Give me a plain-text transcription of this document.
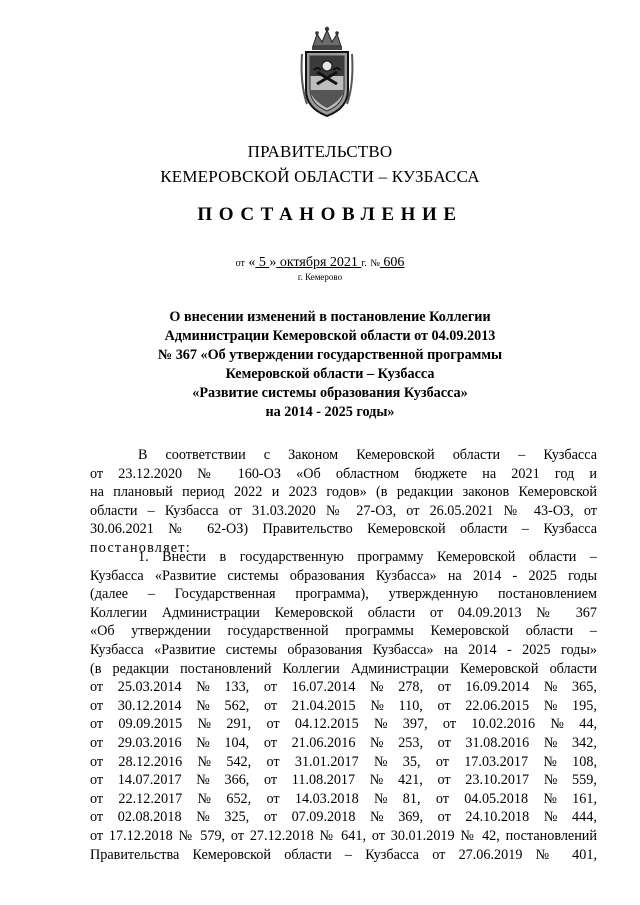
ПРАВИТЕЛЬСТВО
КЕМЕРОВСКОЙ ОБЛАСТИ – КУЗБАССА
ПОСТАНОВЛЕНИЕ
от « 5 » октября 2021 г. № 606
г. Кемерово
О внесении изменений в постановление Коллегии
Администрации Кемеровской области от 04.09.2013
№ 367 «Об утверждении государственной программы
Кемеровской области – Кузбасса
«Развитие системы образования Кузбасса»
на 2014 - 2025 годы»
В соответствии с Законом Кемеровской области – Кузбасса
от 23.12.2020 № 160-ОЗ «Об областном бюджете на 2021 год и
на плановый период 2022 и 2023 годов» (в редакции законов Кемеровской
области – Кузбасса от 31.03.2020 № 27-ОЗ, от 26.05.2021 № 43-ОЗ, от
30.06.2021 № 62-ОЗ) Правительство Кемеровской области – Кузбасса
постановляет:
1. Внести в государственную программу Кемеровской области –
Кузбасса «Развитие системы образования Кузбасса» на 2014 - 2025 годы
(далее – Государственная программа), утвержденную постановлением
Коллегии Администрации Кемеровской области от 04.09.2013 № 367
«Об утверждении государственной программы Кемеровской области –
Кузбасса «Развитие системы образования Кузбасса» на 2014 - 2025 годы»
(в редакции постановлений Коллегии Администрации Кемеровской области
от 25.03.2014 № 133, от 16.07.2014 № 278, от 16.09.2014 № 365,
от 30.12.2014 № 562, от 21.04.2015 № 110, от 22.06.2015 № 195,
от 09.09.2015 № 291, от 04.12.2015 № 397, от 10.02.2016 № 44,
от 29.03.2016 № 104, от 21.06.2016 № 253, от 31.08.2016 № 342,
от 28.12.2016 № 542, от 31.01.2017 № 35, от 17.03.2017 № 108,
от 14.07.2017 № 366, от 11.08.2017 № 421, от 23.10.2017 № 559,
от 22.12.2017 № 652, от 14.03.2018 № 81, от 04.05.2018 № 161,
от 02.08.2018 № 325, от 07.09.2018 № 369, от 24.10.2018 № 444,
от 17.12.2018 № 579, от 27.12.2018 № 641, от 30.01.2019 № 42, постановлений
Правительства Кемеровской области – Кузбасса от 27.06.2019 № 401,
